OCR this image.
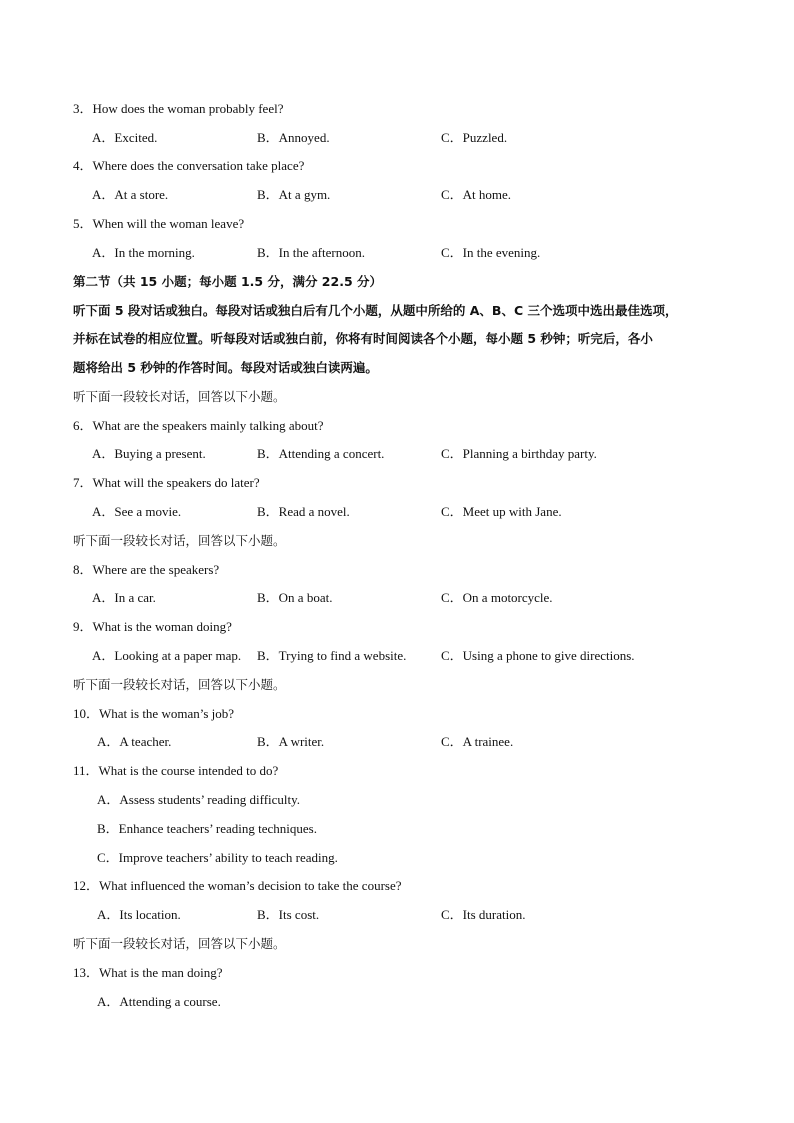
3．How does the woman probably feel?
A．Excited.	B．Annoyed.	C．Puzzled.
4．Where does the conversation take place?
A．At a store.	B．At a gym.	C．At home.
5．When will the woman leave?
A．In the morning.	B．In the afternoon.	C．In the evening.
第二节（共 15 小题；每小题 1.5 分，满分 22.5 分）
听下面 5 段对话或独白。每段对话或独白后有几个小题，从题中所给的 A、B、C 三个选项中选出最佳选项，
并标在试卷的相应位置。听每段对话或独白前，你将有时间阅读各个小题，每小题 5 秒钟；听完后，各小
题将给出 5 秒钟的作答时间。每段对话或独白读两遍。
听下面一段较长对话，回答以下小题。
6．What are the speakers mainly talking about?
A．Buying a present.	B．Attending a concert.	C．Planning a birthday party.
7．What will the speakers do later?
A．See a movie.	B．Read a novel.	C．Meet up with Jane.
听下面一段较长对话，回答以下小题。
8．Where are the speakers?
A．In a car.	B．On a boat.	C．On a motorcycle.
9．What is the woman doing?
A．Looking at a paper map. B．Trying to find a website.	C．Using a phone to give directions.
听下面一段较长对话，回答以下小题。
10．What is the woman’s job?
A．A teacher.	B．A writer.	C．A trainee.
11．What is the course intended to do?
A．Assess students’ reading difficulty.
B．Enhance teachers’ reading techniques.
C．Improve teachers’ ability to teach reading.
12．What influenced the woman’s decision to take the course?
A．Its location.	B．Its cost.	C．Its duration.
听下面一段较长对话，回答以下小题。
13．What is the man doing?
A．Attending a course.
